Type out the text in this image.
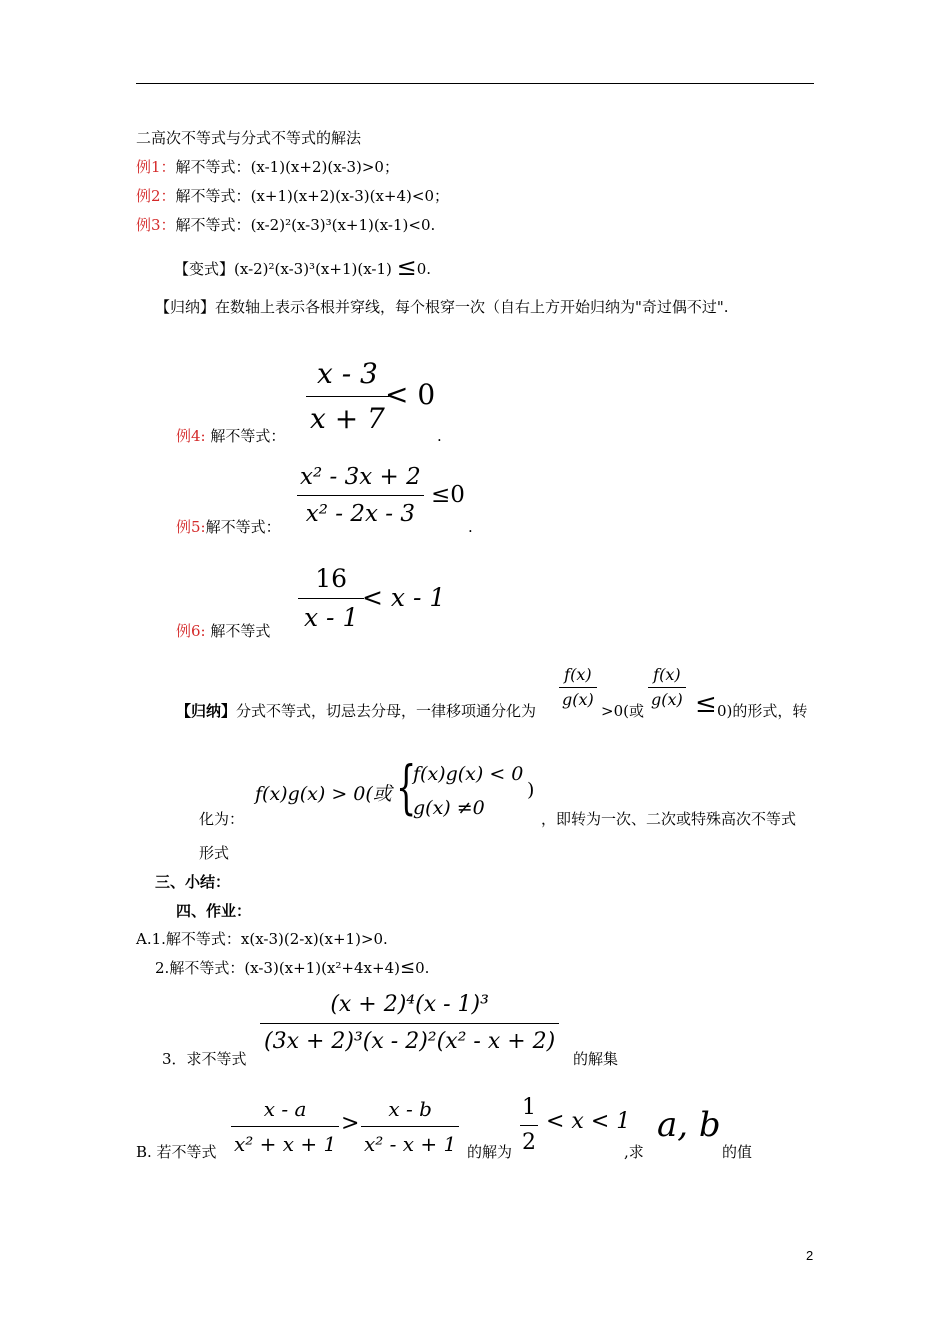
二高次不等式与分式不等式的解法
例1：解不等式：(x-1)(x+2)(x-3)>0；
例2：解不等式：(x+1)(x+2)(x-3)(x+4)<0；
例3：解不等式：(x-2)²(x-3)³(x+1)(x-1)<0.
【变式】(x-2)²(x-3)³(x+1)(x-1) ≤0.
【归纳】在数轴上表示各根并穿线，每个根穿一次（自右上方开始归纳为"奇过偶不过".
例4: 解不等式：
x - 3
x + 7
< 0
.
例5:解不等式：
x² - 3x + 2
x² - 2x - 3
≤0
.
例6: 解不等式
16
x - 1
< x - 1
【归纳】分式不等式，切忌去分母，一律移项通分化为
f(x)
g(x)
>0(或
f(x)
g(x) ≤ 0)的形式，转
f(x)g(x) > 0(或 {
f(x)g(x) < 0
g(x) ≠0
)
化为：	，即转为一次、二次或特殊高次不等式
形式
三、小结：
四、作业：
A.1.解不等式：x(x-3)(2-x)(x+1)>0.
2.解不等式：(x-3)(x+1)(x²+4x+4)≤0.
3．求不等式
(x + 2)⁴(x - 1)³
(3x + 2)³(x - 2)²(x² - x + 2)
的解集
B. 若不等式
x - a
x² + x + 1
>
x - b
x² - x + 1 的解为
1
2
< x < 1
,求
a, b
的值
2
